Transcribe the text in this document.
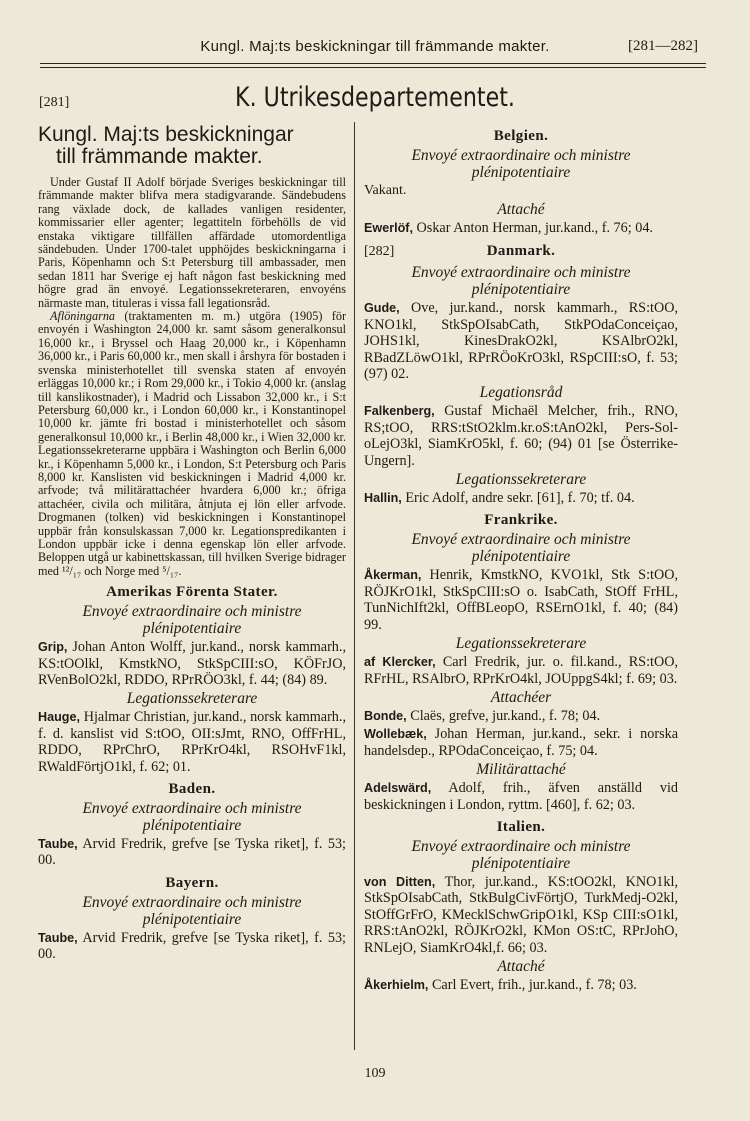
Kungl. Maj:ts beskickningar till främmande makter.	[281—282]
[281]	K. Utrikesdepartementet.
Kungl. Maj:ts beskickningar
till främmande makter.

Under Gustaf II Adolf började Sveriges beskickningar till främmande makter blifva mera stadigvarande. Sändebudens rang växlade dock, de kallades vanligen residenter, kommissarier eller agenter; legattiteln förbehölls de vid enstaka viktigare tillfällen affärdade utomordentliga sändebuden. Under 1700-talet upphöjdes beskickningarna i Paris, Köpenhamn och S:t Petersburg till ambassader, men sedan 1811 har Sverige ej haft någon fast beskickning med högre grad än envoyé. Legationssekreteraren, envoyéns närmaste man, tituleras i vissa fall legationsråd.

Aflöningarna (traktamenten m. m.) utgöra (1905) för envoyén i Washington 24,000 kr. samt såsom generalkonsul 16,000 kr., i Bryssel och Haag 20,000 kr., i Köpenhamn 36,000 kr., i Paris 60,000 kr., men skall i årshyra för bostaden i svenska ministerhotellet till svenska staten af envoyén erläggas 10,000 kr.; i Rom 29,000 kr., i Tokio 4,000 kr. (anslag till kanslikostnader), i Madrid och Lissabon 32,000 kr., i S:t Petersburg 60,000 kr., i London 60,000 kr., i Konstantinopel 10,000 kr. jämte fri bostad i ministerhotellet och såsom generalkonsul 10,000 kr., i Berlin 48,000 kr., i Wien 32,000 kr. Legationssekreterarne uppbära i Washington och Berlin 6,000 kr., i Köpenhamn 5,000 kr., i London, S:t Petersburg och Paris 8,000 kr. Kanslisten vid beskickningen i Madrid 4,000 kr. arfvode; två militärattachéer hvardera 6,000 kr.; öfriga attachéer, civila och militära, åtnjuta ej lön eller arfvode. Drogmanen (tolken) vid beskickningen i Konstantinopel uppbär från konsulskassan 7,000 kr. Legationspredikanten i London uppbär icke i denna egenskap lön eller arfvode. Beloppen utgå ur kabinettskassan, till hvilken Sverige bidrager med ¹²/₁₇ och Norge med ⁵/₁₇.

Amerikas Förenta Stater.
Envoyé extraordinaire och ministre
plénipotentiaire
Grip, Johan Anton Wolff, jur.kand., norsk kammarh., KS:tOOlkl, KmstkNO, StkSpCIII:sO, KÖFrJO, RVenBolO2kl, RDDO, RPrRÖO3kl, f. 44; (84) 89.
Legationssekreterare
Hauge, Hjalmar Christian, jur.kand., norsk kammarh., f. d. kanslist vid S:tOO, OII:sJmt, RNO, OffFrHL, RDDO, RPrChrO, RPrKrO4kl, RSOHvF1kl, RWaldFörtjO1kl, f. 62; 01.
Baden.
Envoyé extraordinaire och ministre
plénipotentiaire
Taube, Arvid Fredrik, grefve [se Tyska riket], f. 53; 00.
Bayern.
Envoyé extraordinaire och ministre
plénipotentiaire
Taube, Arvid Fredrik, grefve [se Tyska riket], f. 53; 00.
Belgien.
Envoyé extraordinaire och ministre
plénipotentiaire
Vakant.
Attaché
Ewerlöf, Oskar Anton Herman, jur.kand., f. 76; 04.
[282]	Danmark.
Envoyé extraordinaire och ministre
plénipotentiaire
Gude, Ove, jur.kand., norsk kammarh., RS:tOO, KNO1kl, StkSpOIsabCath, StkPOdaConceiçao, JOHS1kl, KinesDrakO2kl, KSAlbrO2kl, RBadZLöwO1kl, RPrRÖoKrO3kl, RSpCIII:sO, f. 53; (97) 02.
Legationsråd
Falkenberg, Gustaf Michaël Melcher, frih., RNO, RS;tOO, RRS:tStO2klm.kr.oS:tAnO2kl, Pers-Sol-oLejO3kl, SiamKrO5kl, f. 60; (94) 01 [se Österrike-Ungern].
Legationssekreterare
Hallin, Eric Adolf, andre sekr. [61], f. 70; tf. 04.
Frankrike.
Envoyé extraordinaire och ministre
plénipotentiaire
Åkerman, Henrik, KmstkNO, KVO1kl, Stk S:tOO, RÖJKrO1kl, StkSpCIII:sO o. IsabCath, StOff FrHL, TunNichIft2kl, OffBLeopO, RSErnO1kl, f. 40; (84) 99.
Legationssekreterare
af Klercker, Carl Fredrik, jur. o. fil.kand., RS:tOO, RFrHL, RSAlbrO, RPrKrO4kl, JOUppgS4kl; f. 69; 03.
Attachéer
Bonde, Claës, grefve, jur.kand., f. 78; 04.
Wollebæk, Johan Herman, jur.kand., sekr. i norska handelsdep., RPOdaConceiçao, f. 75; 04.
Militärattaché
Adelswärd, Adolf, frih., äfven anställd vid beskickningen i London, ryttm. [460], f. 62; 03.
Italien.
Envoyé extraordinaire och ministre
plénipotentiaire
von Ditten, Thor, jur.kand., KS:tOO2kl, KNO1kl, StkSpOIsabCath, StkBulgCivFörtjO, TurkMedj-O2kl, StOffGrFrO, KMecklSchwGripO1kl, KSp CIII:sO1kl, RRS:tAnO2kl, RÖJKrO2kl, KMon OS:tC, RPrJohO, RNLejO, SiamKrO4kl,f. 66; 03.
Attaché
Åkerhielm, Carl Evert, frih., jur.kand., f. 78; 03.
109
